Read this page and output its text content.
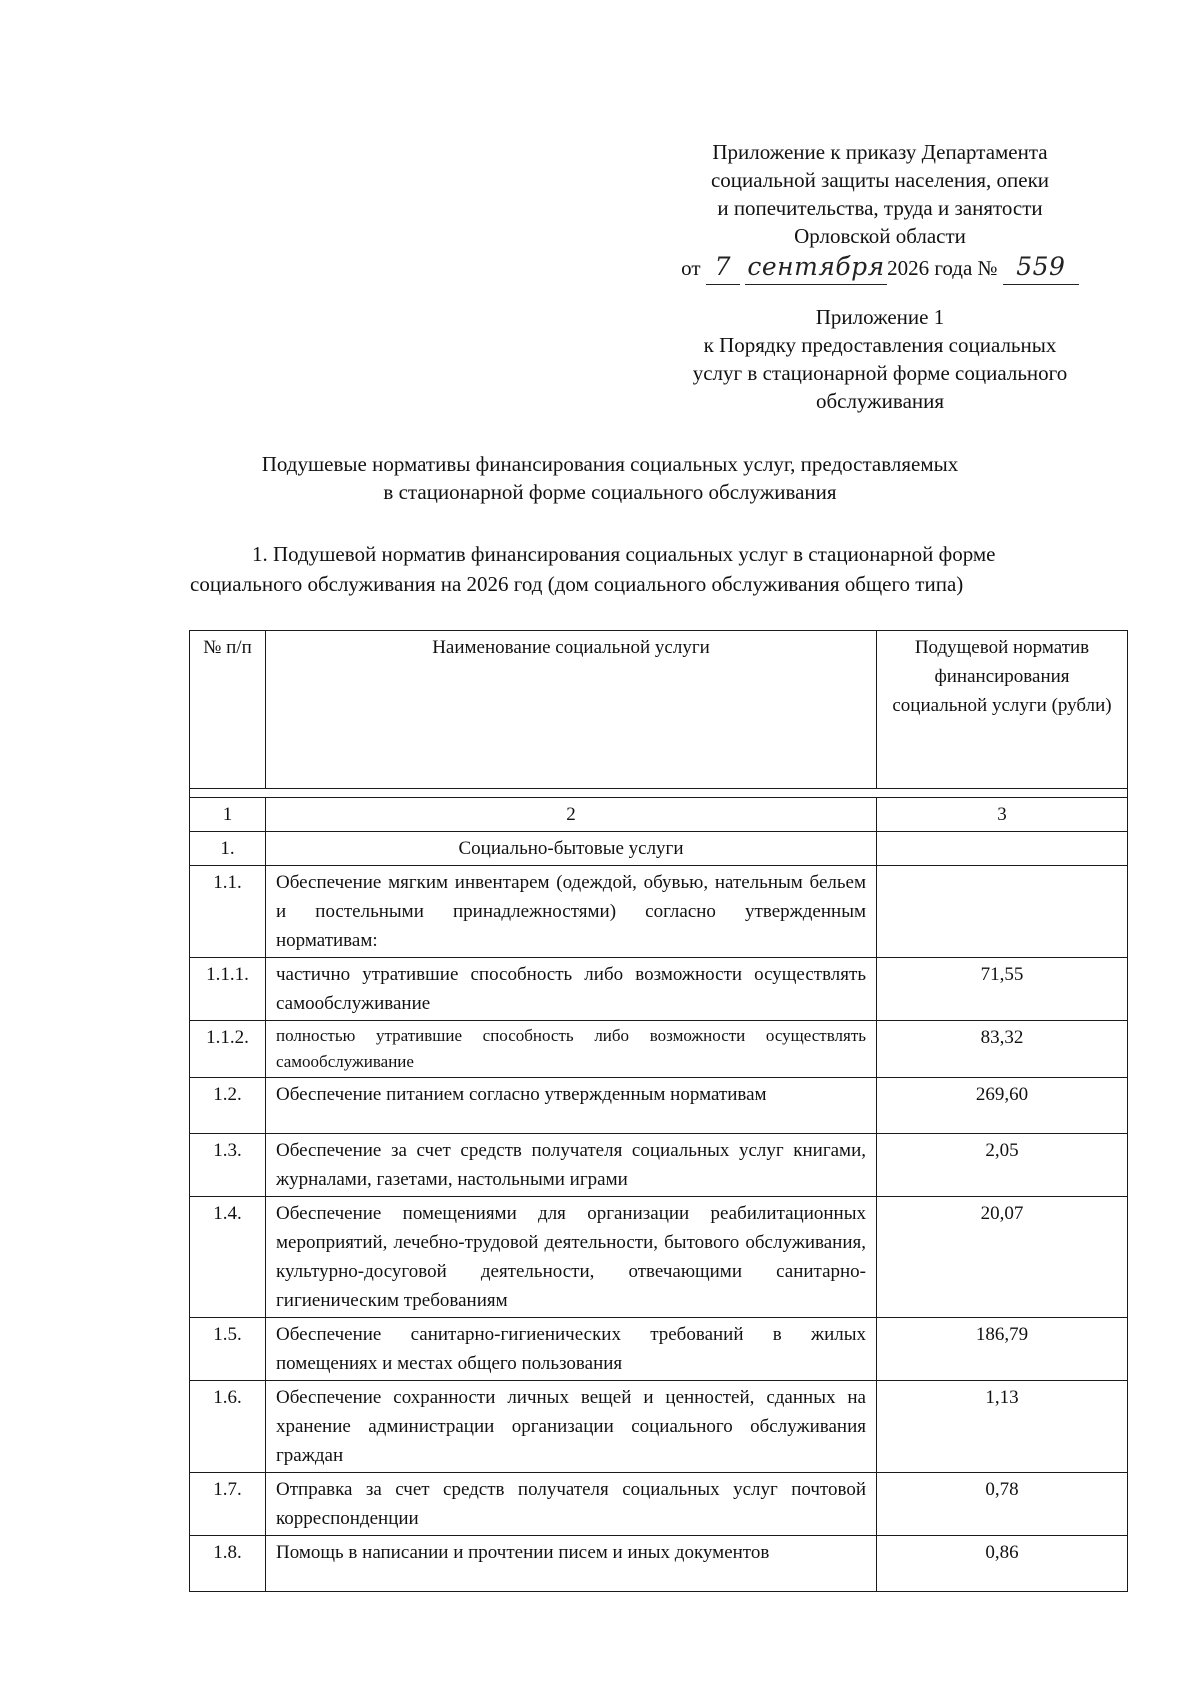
Приложение к приказу Департамента
социальной защиты населения, опеки
и попечительства, труда и занятости
Орловской области
от 7 сентября 2026 года № 559
Приложение 1
к Порядку предоставления социальных
услуг в стационарной форме социального
обслуживания
Подушевые нормативы финансирования социальных услуг, предоставляемых
в стационарной форме социального обслуживания
1. Подушевой норматив финансирования социальных услуг в стационарной форме
социального обслуживания на 2026 год (дом социального обслуживания общего типа)
№ п/п	Наименование социальной услуги	Подущевой норматив финансирования социальной услуги (рубли)

1	2	3
1.	Социально-бытовые услуги	
1.1.	Обеспечение мягким инвентарем (одеждой, обувью, нательным бельем и постельными принадлежностями) согласно утвержденным нормативам:	
1.1.1.	частично утратившие способность либо возможности осуществлять самообслуживание	71,55
1.1.2.	полностью утратившие способность либо возможности осуществлять самообслуживание	83,32
1.2.	Обеспечение питанием согласно утвержденным нормативам	269,60
1.3.	Обеспечение за счет средств получателя социальных услуг книгами, журналами, газетами, настольными играми	2,05
1.4.	Обеспечение помещениями для организации реабилитационных мероприятий, лечебно-трудовой деятельности, бытового обслуживания, культурно-досуговой деятельности, отвечающими санитарно-гигиеническим требованиям	20,07
1.5.	Обеспечение санитарно-гигиенических требований в жилых помещениях и местах общего пользования	186,79
1.6.	Обеспечение сохранности личных вещей и ценностей, сданных на хранение администрации организации социального обслуживания граждан	1,13
1.7.	Отправка за счет средств получателя социальных услуг почтовой корреспонденции	0,78
1.8.	Помощь в написании и прочтении писем и иных документов	0,86
